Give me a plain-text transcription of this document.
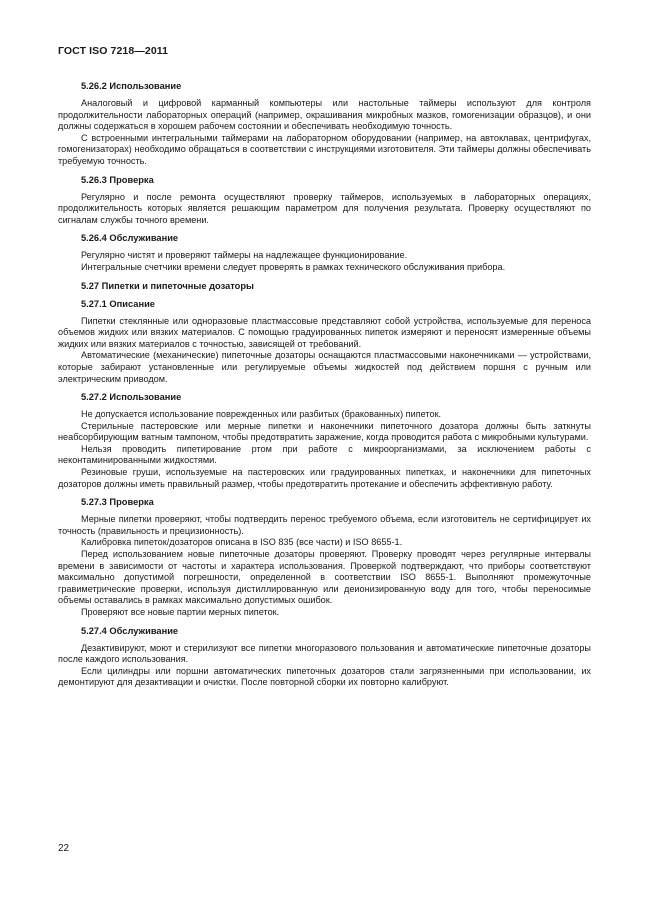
ГОСТ ISO 7218—2011
5.26.2 Использование

Аналоговый и цифровой карманный компьютеры или настольные таймеры используют для контроля продолжительности лабораторных операций (например, окрашивания микробных мазков, гомогенизации образцов), и они должны содержаться в хорошем рабочем состоянии и обеспечивать необходимую точность.

С встроенными интегральными таймерами на лабораторном оборудовании (например, на автоклавах, центрифугах, гомогенизаторах) необходимо обращаться в соответствии с инструкциями изготовителя. Эти таймеры должны обеспечивать требуемую точность.

5.26.3 Проверка

Регулярно и после ремонта осуществляют проверку таймеров, используемых в лабораторных операциях, продолжительность которых является решающим параметром для получения результата. Проверку осуществляют по сигналам службы точного времени.

5.26.4 Обслуживание

Регулярно чистят и проверяют таймеры на надлежащее функционирование.

Интегральные счетчики времени следует проверять в рамках технического обслуживания прибора.

5.27 Пипетки и пипеточные дозаторы
5.27.1 Описание

Пипетки стеклянные или одноразовые пластмассовые представляют собой устройства, используемые для переноса объемов жидких или вязких материалов. С помощью градуированных пипеток измеряют и переносят измеренные объемы жидких или вязких материалов с точностью, зависящей от требований.

Автоматические (механические) пипеточные дозаторы оснащаются пластмассовыми наконечниками — устройствами, которые забирают установленные или регулируемые объемы жидкостей под действием поршня с ручным или электрическим приводом.

5.27.2 Использование

Не допускается использование поврежденных или разбитых (бракованных) пипеток.

Стерильные пастеровские или мерные пипетки и наконечники пипеточного дозатора должны быть заткнуты неабсорбирующим ватным тампоном, чтобы предотвратить заражение, когда проводится работа с микробными культурами.

Нельзя проводить пипетирование ртом при работе с микроорганизмами, за исключением работы с неконтаминированными жидкостями.

Резиновые груши, используемые на пастеровских или градуированных пипетках, и наконечники для пипеточных дозаторов должны иметь правильный размер, чтобы предотвратить протекание и обеспечить эффективную работу.

5.27.3 Проверка

Мерные пипетки проверяют, чтобы подтвердить перенос требуемого объема, если изготовитель не сертифицирует их точность (правильность и прецизионность).

Калибровка пипеток/дозаторов описана в ISO 835 (все части) и ISO 8655-1.

Перед использованием новые пипеточные дозаторы проверяют. Проверку проводят через регулярные интервалы времени в зависимости от частоты и характера использования. Проверкой подтверждают, что приборы соответствуют максимально допустимой погрешности, определенной в соответствии ISO 8655-1. Выполняют промежуточные гравиметрические проверки, используя дистиллированную или деионизированную воду для того, чтобы переносимые объемы оставались в рамках максимально допустимых ошибок.

Проверяют все новые партии мерных пипеток.

5.27.4 Обслуживание

Дезактивируют, моют и стерилизуют все пипетки многоразового пользования и автоматические пипеточные дозаторы после каждого использования.

Если цилиндры или поршни автоматических пипеточных дозаторов стали загрязненными при использовании, их демонтируют для дезактивации и очистки. После повторной сборки их повторно калибруют.

22
